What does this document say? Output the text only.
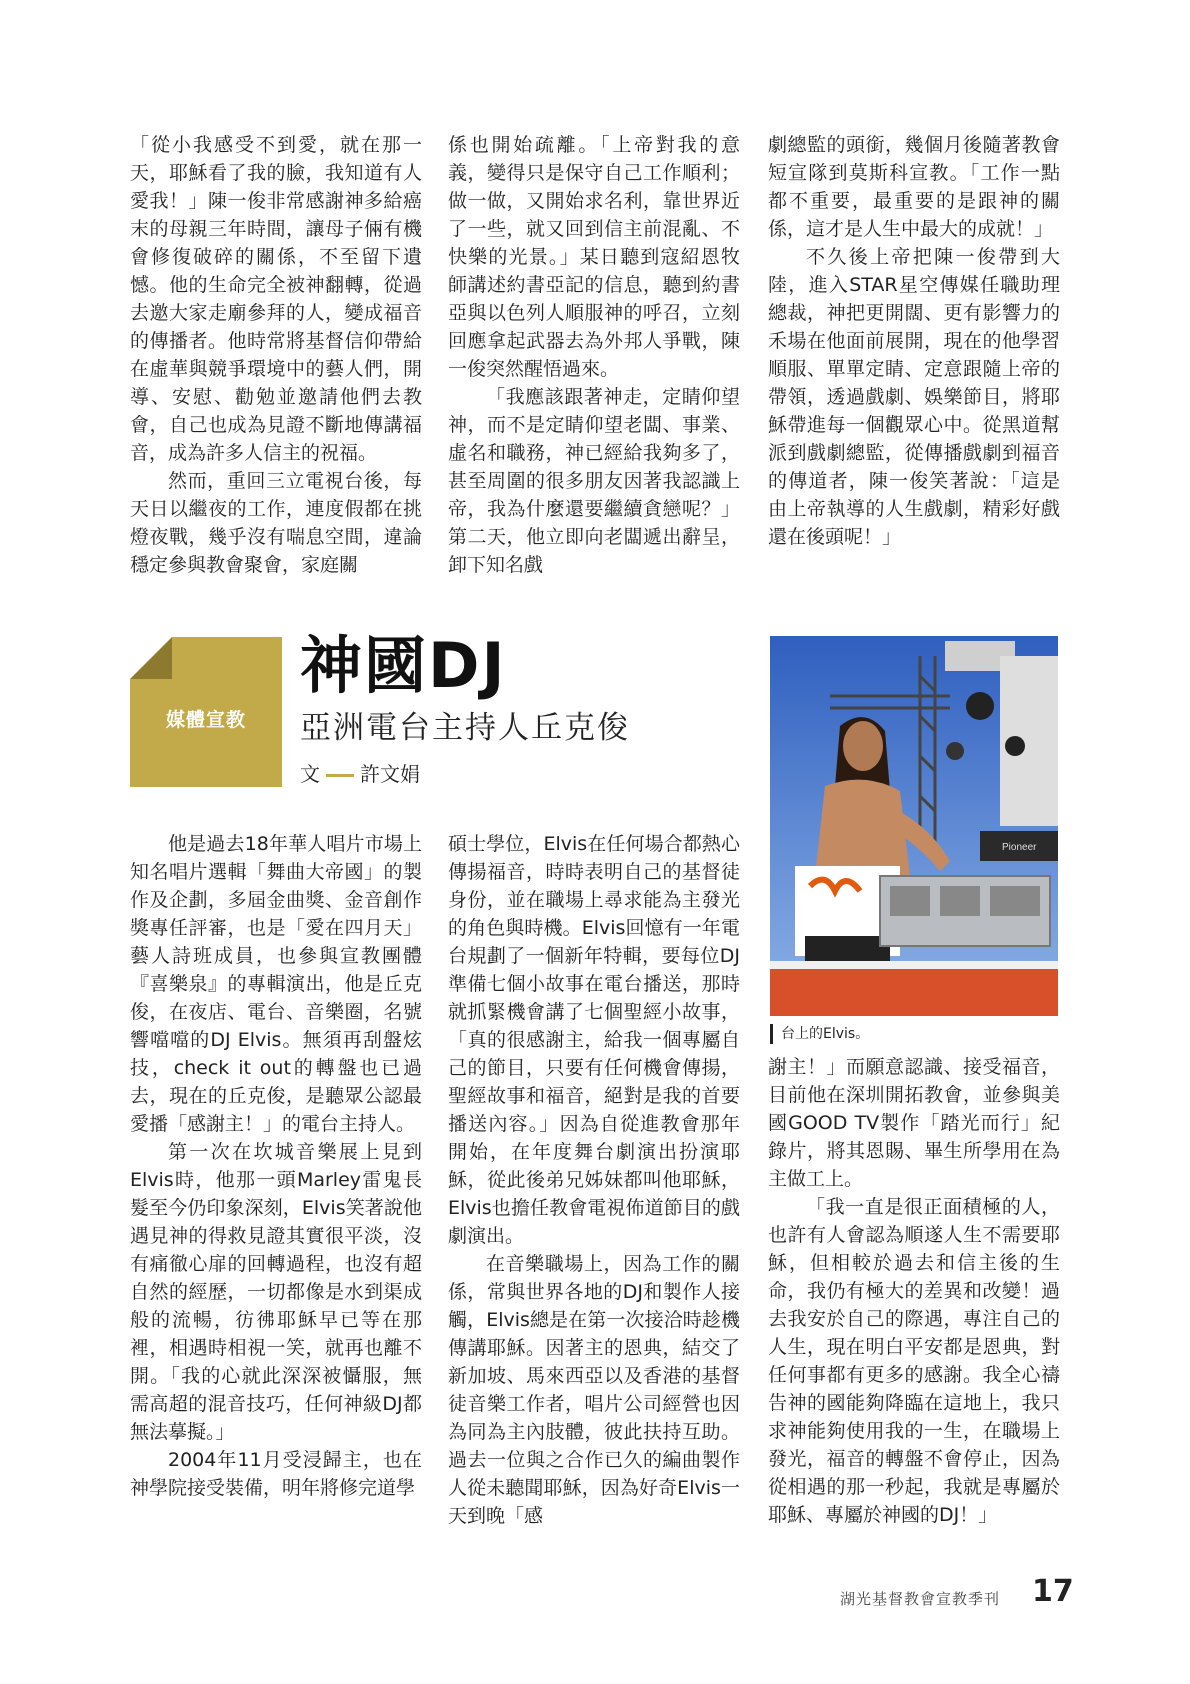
「從小我感受不到愛，就在那一天，耶穌看了我的臉，我知道有人愛我！」陳一俊非常感謝神多給癌末的母親三年時間，讓母子倆有機會修復破碎的關係，不至留下遺憾。他的生命完全被神翻轉，從過去邀大家走廟參拜的人，變成福音的傳播者。他時常將基督信仰帶給在虛華與競爭環境中的藝人們，開導、安慰、勸勉並邀請他們去教會，自己也成為見證不斷地傳講福音，成為許多人信主的祝福。

然而，重回三立電視台後，每天日以繼夜的工作，連度假都在挑燈夜戰，幾乎沒有喘息空間，違論穩定參與教會聚會，家庭關

係也開始疏離。「上帝對我的意義，變得只是保守自己工作順利；做一做，又開始求名利，靠世界近了一些，就又回到信主前混亂、不快樂的光景。」某日聽到寇紹恩牧師講述約書亞記的信息，聽到約書亞與以色列人順服神的呼召，立刻回應拿起武器去為外邦人爭戰，陳一俊突然醒悟過來。

「我應該跟著神走，定睛仰望神，而不是定睛仰望老闆、事業、虛名和職務，神已經給我夠多了，甚至周圍的很多朋友因著我認識上帝，我為什麼還要繼續貪戀呢？」第二天，他立即向老闆遞出辭呈，卸下知名戲

劇總監的頭銜，幾個月後隨著教會短宣隊到莫斯科宣教。「工作一點都不重要，最重要的是跟神的關係，這才是人生中最大的成就！」

不久後上帝把陳一俊帶到大陸，進入STAR星空傳媒任職助理總裁，神把更開闊、更有影響力的禾場在他面前展開，現在的他學習順服、單單定睛、定意跟隨上帝的帶領，透過戲劇、娛樂節目，將耶穌帶進每一個觀眾心中。從黑道幫派到戲劇總監，從傳播戲劇到福音的傳道者，陳一俊笑著說：「這是由上帝執導的人生戲劇，精彩好戲還在後頭呢！」

媒體宣教
神國DJ
亞洲電台主持人丘克俊
文 許文娟
Pioneer
台上的Elvis。

他是過去18年華人唱片市場上知名唱片選輯「舞曲大帝國」的製作及企劃，多屆金曲獎、金音創作獎專任評審，也是「愛在四月天」藝人詩班成員，也參與宣教團體『喜樂泉』的專輯演出，他是丘克俊，在夜店、電台、音樂圈，名號響噹噹的DJ Elvis。無須再刮盤炫技，check it out的轉盤也已過去，現在的丘克俊，是聽眾公認最愛播「感謝主！」的電台主持人。

第一次在坎城音樂展上見到Elvis時，他那一頭Marley雷鬼長髮至今仍印象深刻，Elvis笑著說他遇見神的得救見證其實很平淡，沒有痛徹心扉的回轉過程，也沒有超自然的經歷，一切都像是水到渠成般的流暢，彷彿耶穌早已等在那裡，相遇時相視一笑，就再也離不開。「我的心就此深深被懾服，無需高超的混音技巧，任何神級DJ都無法摹擬。」

2004年11月受浸歸主，也在神學院接受裝備，明年將修完道學

碩士學位，Elvis在任何場合都熱心傳揚福音，時時表明自己的基督徒身份，並在職場上尋求能為主發光的角色與時機。Elvis回憶有一年電台規劃了一個新年特輯，要每位DJ準備七個小故事在電台播送，那時就抓緊機會講了七個聖經小故事，「真的很感謝主，給我一個專屬自己的節目，只要有任何機會傳揚，聖經故事和福音，絕對是我的首要播送內容。」因為自從進教會那年開始，在年度舞台劇演出扮演耶穌，從此後弟兄姊妹都叫他耶穌，Elvis也擔任教會電視佈道節目的戲劇演出。

在音樂職場上，因為工作的關係，常與世界各地的DJ和製作人接觸，Elvis總是在第一次接洽時趁機傳講耶穌。因著主的恩典，結交了新加坡、馬來西亞以及香港的基督徒音樂工作者，唱片公司經營也因為同為主內肢體，彼此扶持互助。過去一位與之合作已久的編曲製作人從未聽聞耶穌，因為好奇Elvis一天到晚「感

謝主！」而願意認識、接受福音，目前他在深圳開拓教會，並參與美國GOOD TV製作「踏光而行」紀錄片，將其恩賜、畢生所學用在為主做工上。

「我一直是很正面積極的人，也許有人會認為順遂人生不需要耶穌，但相較於過去和信主後的生命，我仍有極大的差異和改變！過去我安於自己的際遇，專注自己的人生，現在明白平安都是恩典，對任何事都有更多的感謝。我全心禱告神的國能夠降臨在這地上，我只求神能夠使用我的一生，在職場上發光，福音的轉盤不會停止，因為從相遇的那一秒起，我就是專屬於耶穌、專屬於神國的DJ！」

湖光基督教會宣教季刊 17
